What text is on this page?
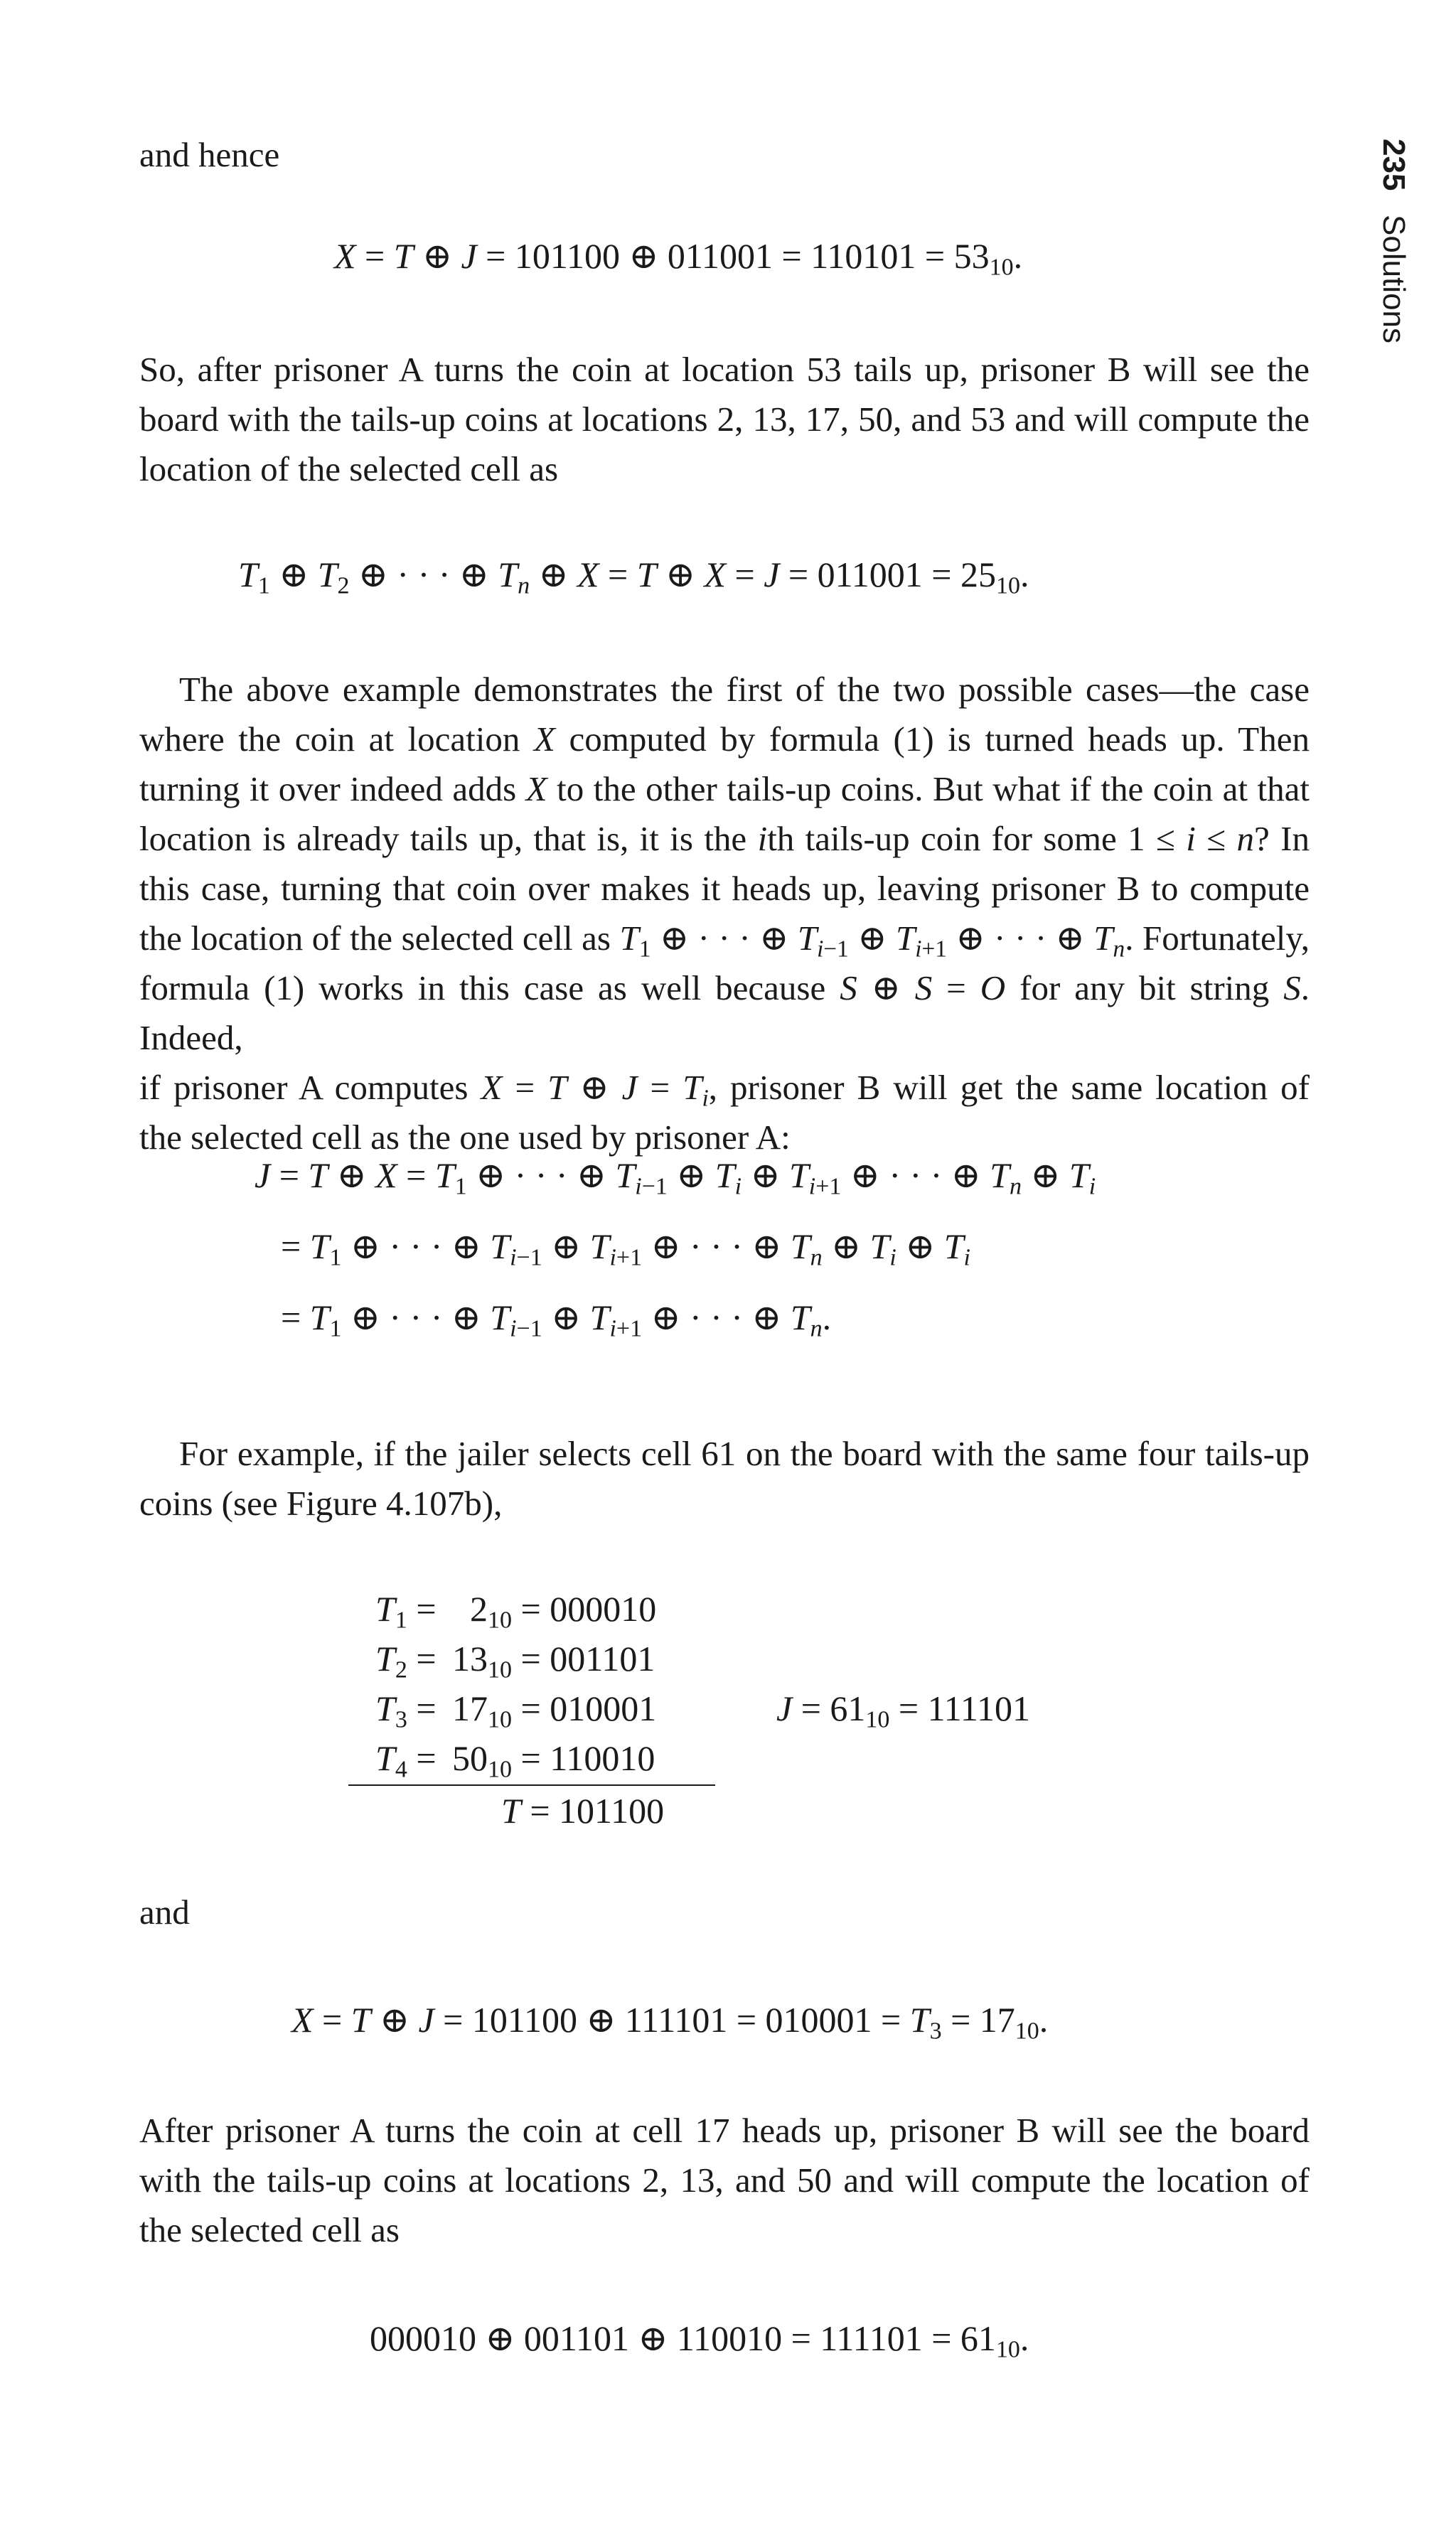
235Solutions
and hence
X = T ⊕ J = 101100 ⊕ $011001 = 110101 = 53_{10}$.
So, after prisoner A turns the coin at location 53 tails up, prisoner B will see the
board with the tails-up coins at locations 2, 13, 17, 50, and 53 and will compute the
location of the selected cell as
$T_1$ ⊕ $T_2$ ⊕ · · · ⊕ $T_n$ ⊕ X = T ⊕ $X = J = 011001 = 25_{10}$.
The above example demonstrates the first of the two possible cases—the case
where the coin at location X computed by formula (1) is turned heads up. Then
turning it over indeed adds X to the other tails-up coins. But what if the coin at that
location is already tails up, that is, it is the ith tails-up coin for some 1 ≤ i ≤ n? In
this case, turning that coin over makes it heads up, leaving prisoner B to compute
the location of the selected cell as $T_1$ ⊕ · · · ⊕ $T_{i-1}$ ⊕ $T_{i+1}$ ⊕ · · · ⊕ $T_n$. Fortunately,
formula (1) works in this case as well because S ⊕ S = O for any bit string S. Indeed,
if prisoner A computes X = T ⊕ $J = T_i$, prisoner B will get the same location of
the selected cell as the one used by prisoner A:
J = T ⊕ $X = T_1$ ⊕ · · · ⊕ $T_{i-1}$ ⊕ $T_i$ ⊕ $T_{i+1}$ ⊕ · · · ⊕ $T_n$ ⊕ $T_i$
= $T_1$ ⊕ · · · ⊕ $T_{i-1}$ ⊕ $T_{i+1}$ ⊕ · · · ⊕ $T_n$ ⊕ $T_i$ ⊕ $T_i$
= $T_1$ ⊕ · · · ⊕ $T_{i-1}$ ⊕ $T_{i+1}$ ⊕ · · · ⊕ $T_n$.
For example, if the jailer selects cell 61 on the board with the same four tails-up
coins (see Figure 4.107b),
$T_1 = 2_{10} = 000010$
$T_2 = 13_{10} = 001101$
$T_3 = 17_{10} = 010001$
$T_4 = 50_{10} = 110010$
T = 101100
$J = 61_{10} = 111101$
and
X = T ⊕ J = 101100 ⊕ $111101 = 010001 = T_3 = 17_{10}$.
After prisoner A turns the coin at cell 17 heads up, prisoner B will see the board
with the tails-up coins at locations 2, 13, and 50 and will compute the location of
the selected cell as
000010 ⊕ 001101 ⊕ $110010 = 111101 = 61_{10}$.
